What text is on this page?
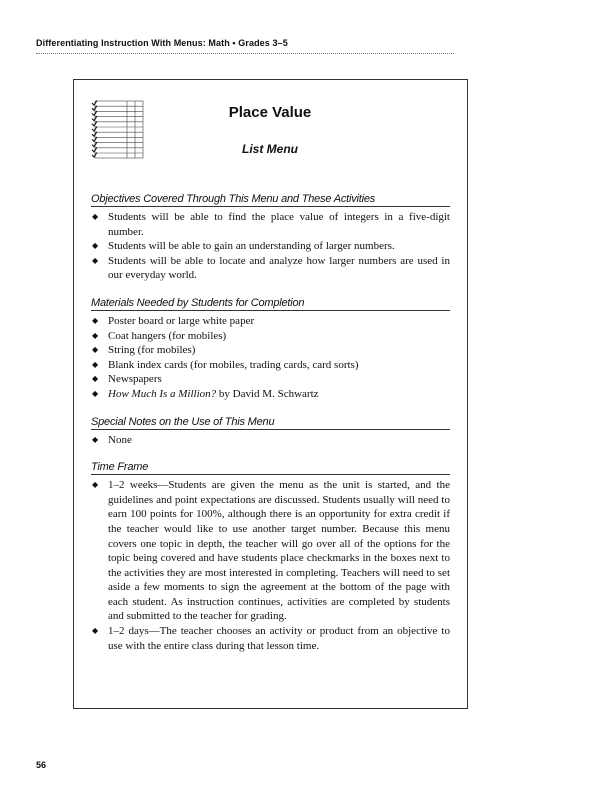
Differentiating Instruction With Menus: Math • Grades 3–5
Place Value
List Menu
Objectives Covered Through This Menu and These Activities
◆ Students will be able to find the place value of integers in a five-digit number.
◆ Students will be able to gain an understanding of larger numbers.
◆ Students will be able to locate and analyze how larger numbers are used in our everyday world.
Materials Needed by Students for Completion
◆ Poster board or large white paper
◆ Coat hangers (for mobiles)
◆ String (for mobiles)
◆ Blank index cards (for mobiles, trading cards, card sorts)
◆ Newspapers
◆ How Much Is a Million? by David M. Schwartz
Special Notes on the Use of This Menu
◆ None
Time Frame
◆ 1–2 weeks—Students are given the menu as the unit is started, and the guidelines and point expectations are discussed. Students usually will need to earn 100 points for 100%, although there is an opportunity for extra credit if the teacher would like to use another target number. Because this menu covers one topic in depth, the teacher will go over all of the options for the topic being covered and have students place checkmarks in the boxes next to the activities they are most interested in completing. Teachers will need to set aside a few moments to sign the agreement at the bottom of the page with each student. As instruction continues, activities are completed by students and submitted to the teacher for grading.
◆ 1–2 days—The teacher chooses an activity or product from an objective to use with the entire class during that lesson time.
56
